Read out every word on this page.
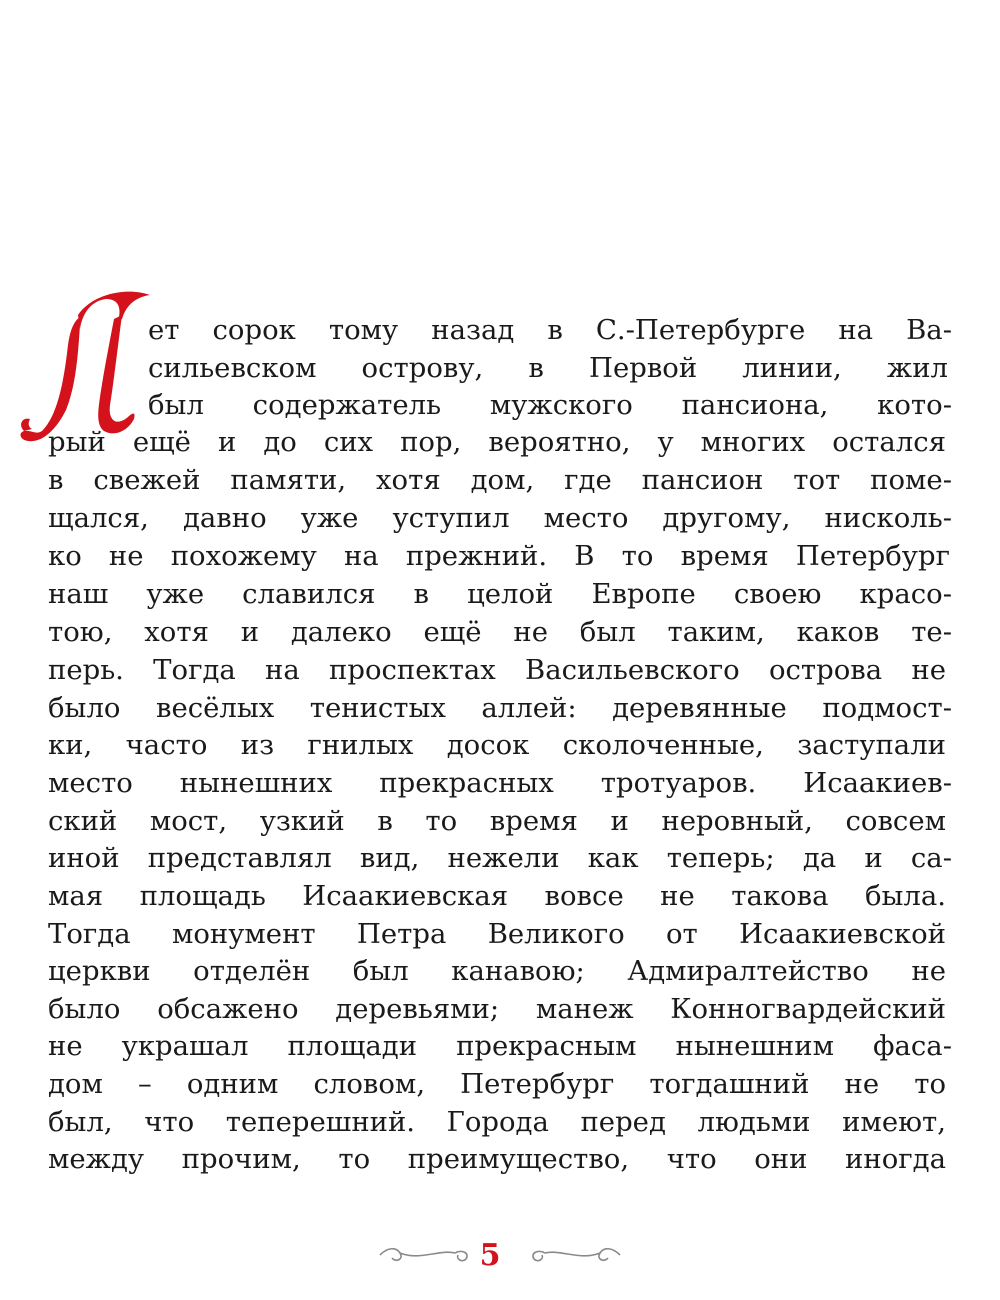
ет сорок тому назад в С.-Петербурге на Ва-
сильевском острову, в Первой линии, жил
был содержатель мужского пансиона, кото-
рый ещё и до сих пор, вероятно, у многих остался
в свежей памяти, хотя дом, где пансион тот поме-
щался, давно уже уступил место другому, нисколь-
ко не похожему на прежний. В то время Петербург
наш уже славился в целой Европе своею красо-
тою, хотя и далеко ещё не был таким, каков те-
перь. Тогда на проспектах Васильевского острова не
было весёлых тенистых аллей: деревянные подмост-
ки, часто из гнилых досок сколоченные, заступали
место нынешних прекрасных тротуаров. Исаакиев-
ский мост, узкий в то время и неровный, совсем
иной представлял вид, нежели как теперь; да и са-
мая площадь Исаакиевская вовсе не такова была.
Тогда монумент Петра Великого от Исаакиевской
церкви отделён был канавою; Адмиралтейство не
было обсажено деревьями; манеж Конногвардейский
не украшал площади прекрасным нынешним фаса-
дом – одним словом, Петербург тогдашний не то
был, что теперешний. Города перед людьми имеют,
между прочим, то преимущество, что они иногда
5
